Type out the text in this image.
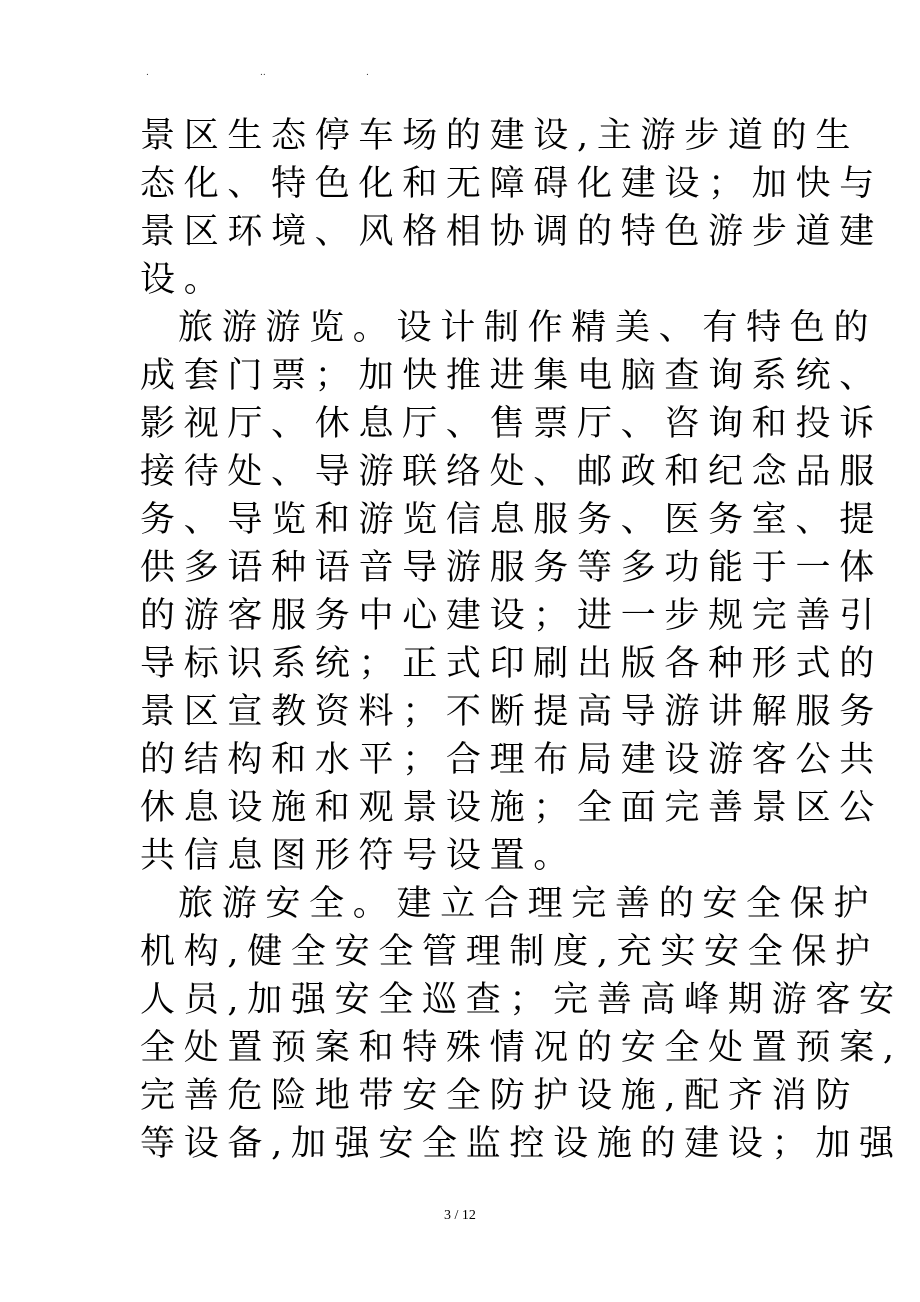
.	..	.
景区生态停车场的建设,主游步道的生
态化、特色化和无障碍化建设；加快与
景区环境、风格相协调的特色游步道建
设。
旅游游览。设计制作精美、有特色的
成套门票；加快推进集电脑查询系统、
影视厅、休息厅、售票厅、咨询和投诉
接待处、导游联络处、邮政和纪念品服
务、导览和游览信息服务、医务室、提
供多语种语音导游服务等多功能于一体
的游客服务中心建设；进一步规完善引
导标识系统；正式印刷出版各种形式的
景区宣教资料；不断提高导游讲解服务
的结构和水平；合理布局建设游客公共
休息设施和观景设施；全面完善景区公
共信息图形符号设置。
旅游安全。建立合理完善的安全保护
机构,健全安全管理制度,充实安全保护
人员,加强安全巡查；完善高峰期游客安
全处置预案和特殊情况的安全处置预案,
完善危险地带安全防护设施,配齐消防
等设备,加强安全监控设施的建设；加强
3 / 12
